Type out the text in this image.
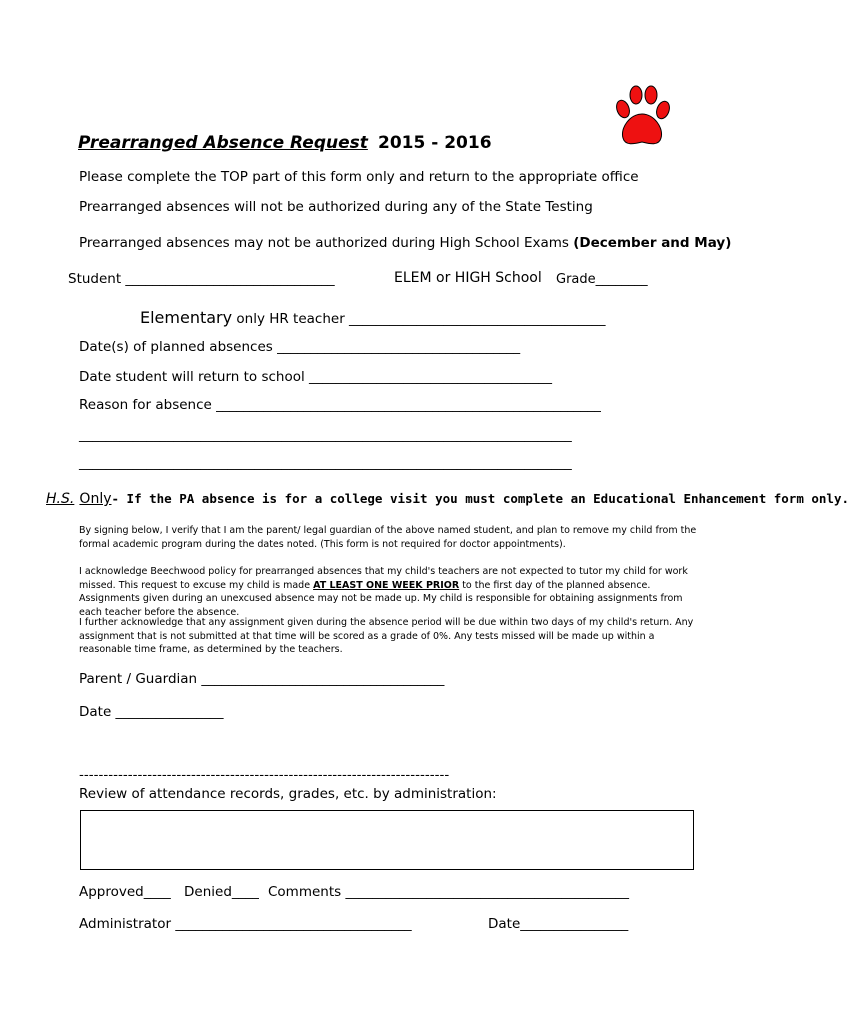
Prearranged Absence Request 2015 - 2016
Please complete the TOP part of this form only and return to the appropriate office
Prearranged absences will not be authorized during any of the State Testing
Prearranged absences may not be authorized during High School Exams (December and May)
Student _______________________________	ELEM or HIGH School Grade________
Elementary only HR teacher ______________________________________
Date(s) of planned absences ____________________________________
Date student will return to school ____________________________________
Reason for absence _________________________________________________________
_________________________________________________________________________
_________________________________________________________________________
H.S. Only- If the PA absence is for a college visit you must complete an Educational Enhancement form only.
By signing below, I verify that I am the parent/ legal guardian of the above named student, and plan to remove my child from the formal academic program during the dates noted. (This form is not required for doctor appointments).
I acknowledge Beechwood policy for prearranged absences that my child's teachers are not expected to tutor my child for work missed. This request to excuse my child is made AT LEAST ONE WEEK PRIOR to the first day of the planned absence. Assignments given during an unexcused absence may not be made up. My child is responsible for obtaining assignments from each teacher before the absence.
I further acknowledge that any assignment given during the absence period will be due within two days of my child's return. Any assignment that is not submitted at that time will be scored as a grade of 0%. Any tests missed will be made up within a reasonable time frame, as determined by the teachers.
Parent / Guardian ____________________________________
Date ________________
----------------------------------------------------------------------------
Review of attendance records, grades, etc. by administration:
Approved____ Denied____ Comments __________________________________________
Administrator ___________________________________	Date________________
